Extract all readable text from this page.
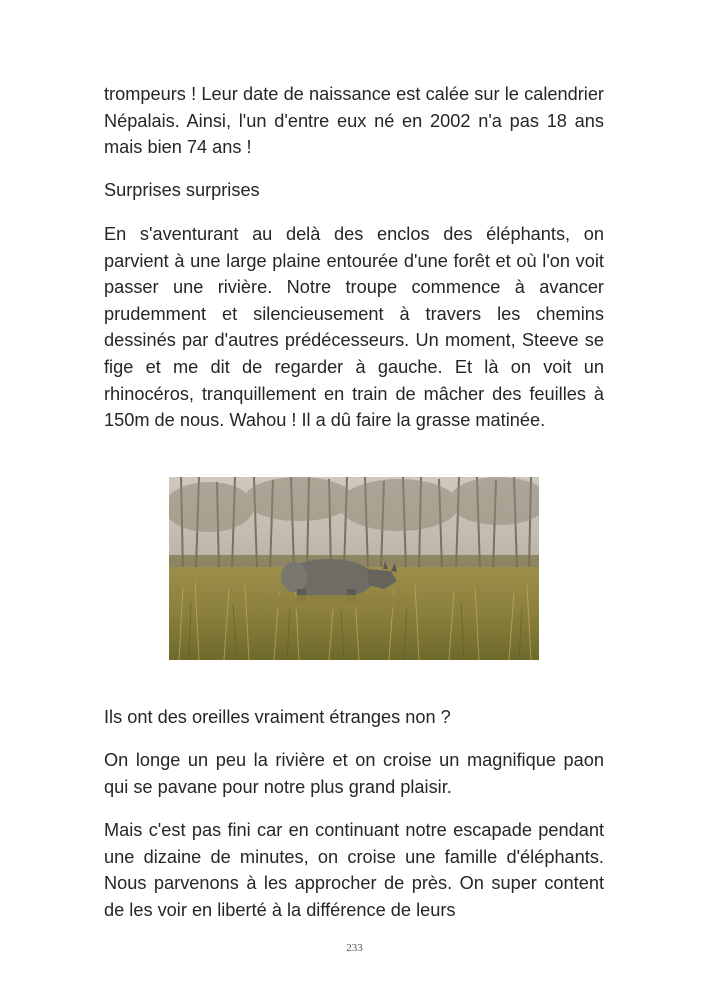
trompeurs ! Leur date de naissance est calée sur le calendrier Népalais. Ainsi, l'un d'entre eux né en 2002 n'a pas 18 ans mais bien 74 ans !

Surprises surprises

En s'aventurant au delà des enclos des éléphants, on parvient à une large plaine entourée d'une forêt et où l'on voit passer une rivière. Notre troupe commence à avancer prudemment et silencieusement à travers les chemins dessinés par d'autres prédécesseurs. Un moment, Steeve se fige et me dit de regarder à gauche. Et là on voit un rhinocéros, tranquillement en train de mâcher des feuilles à 150m de nous. Wahou ! Il a dû faire la grasse matinée.

Ils ont des oreilles vraiment étranges non ?

On longe un peu la rivière et on croise un magnifique paon qui se pavane pour notre plus grand plaisir.

Mais c'est pas fini car en continuant notre escapade pendant une dizaine de minutes, on croise une famille d'éléphants. Nous parvenons à les approcher de près. On super content de les voir en liberté à la différence de leurs

233
